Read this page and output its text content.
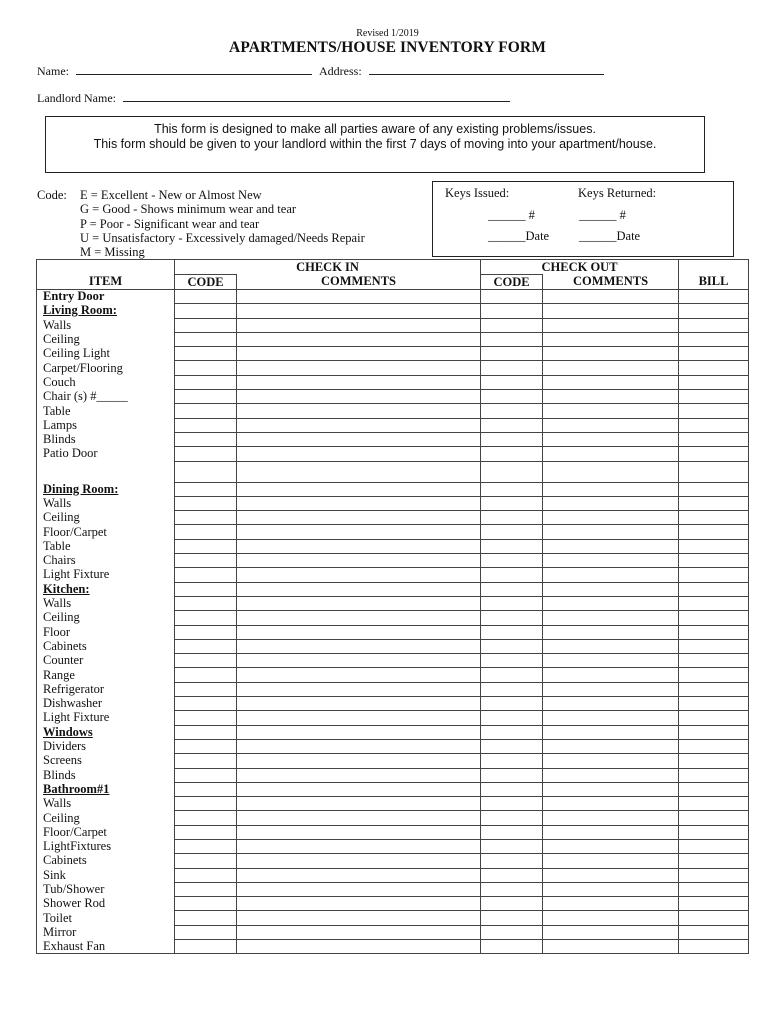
Revised 1/2019
APARTMENTS/HOUSE INVENTORY FORM
Name:	Address:
Landlord Name:
This form is designed to make all parties aware of any existing problems/issues.
This form should be given to your landlord within the first 7 days of moving into your apartment/house.
Code: E = Excellent - New or Almost New
G = Good - Shows minimum wear and tear
P = Poor - Significant wear and tear
U = Unsatisfactory - Excessively damaged/Needs Repair
M = Missing
Keys Issued:	Keys Returned:
______ #	______ #
______Date ______Date
	CHECK IN		CHECK OUT		
ITEM	CODE	COMMENTS	CODE	COMMENTS	BILL
Entry Door					
Living Room:					
Walls					
Ceiling					
Ceiling Light					
Carpet/Flooring					
Couch					
Chair (s) #_____					
Table					
Lamps					
Blinds					
Patio Door					

Dining Room:					
Walls					
Ceiling					
Floor/Carpet					
Table					
Chairs					
Light Fixture					
Kitchen:					
Walls					
Ceiling					
Floor					
Cabinets					
Counter					
Range					
Refrigerator					
Dishwasher					
Light Fixture					
Windows					
Dividers					
Screens					
Blinds					
Bathroom#1					
Walls					
Ceiling					
Floor/Carpet					
LightFixtures					
Cabinets					
Sink					
Tub/Shower					
Shower Rod					
Toilet					
Mirror					
Exhaust Fan					
